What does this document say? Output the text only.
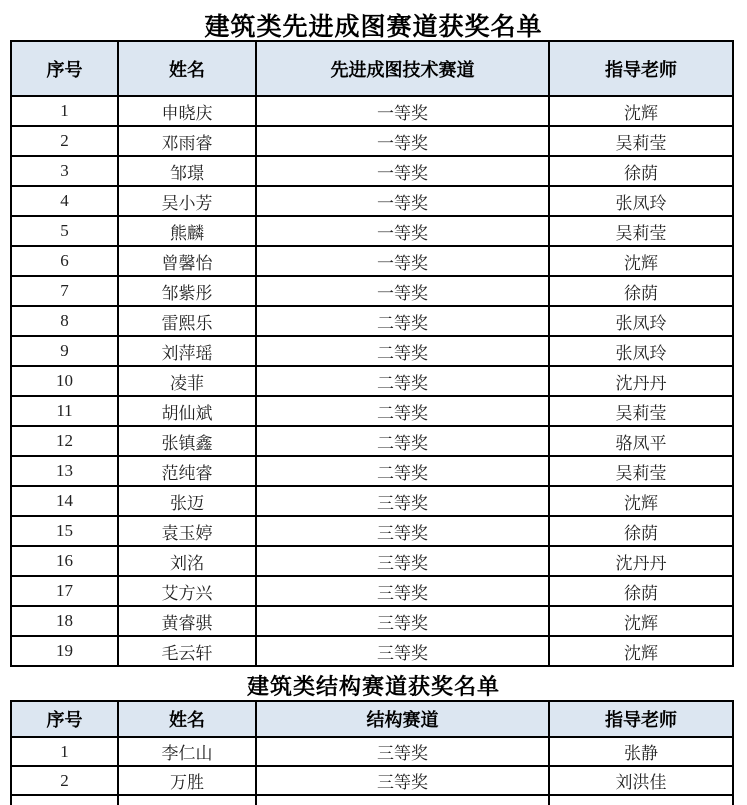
建筑类先进成图赛道获奖名单
序号	姓名	先进成图技术赛道	指导老师
1	申晓庆	一等奖	沈辉
2	邓雨睿	一等奖	吴莉莹
3	邹璟	一等奖	徐荫
4	吴小芳	一等奖	张凤玲
5	熊麟	一等奖	吴莉莹
6	曾馨怡	一等奖	沈辉
7	邹紫彤	一等奖	徐荫
8	雷熙乐	二等奖	张凤玲
9	刘萍瑶	二等奖	张凤玲
10	凌菲	二等奖	沈丹丹
11	胡仙斌	二等奖	吴莉莹
12	张镇鑫	二等奖	骆凤平
13	范纯睿	二等奖	吴莉莹
14	张迈	三等奖	沈辉
15	袁玉婷	三等奖	徐荫
16	刘洺	三等奖	沈丹丹
17	艾方兴	三等奖	徐荫
18	黄睿骐	三等奖	沈辉
19	毛云轩	三等奖	沈辉
建筑类结构赛道获奖名单
序号	姓名	结构赛道	指导老师
1	李仁山	三等奖	张静
2	万胜	三等奖	刘洪佳
